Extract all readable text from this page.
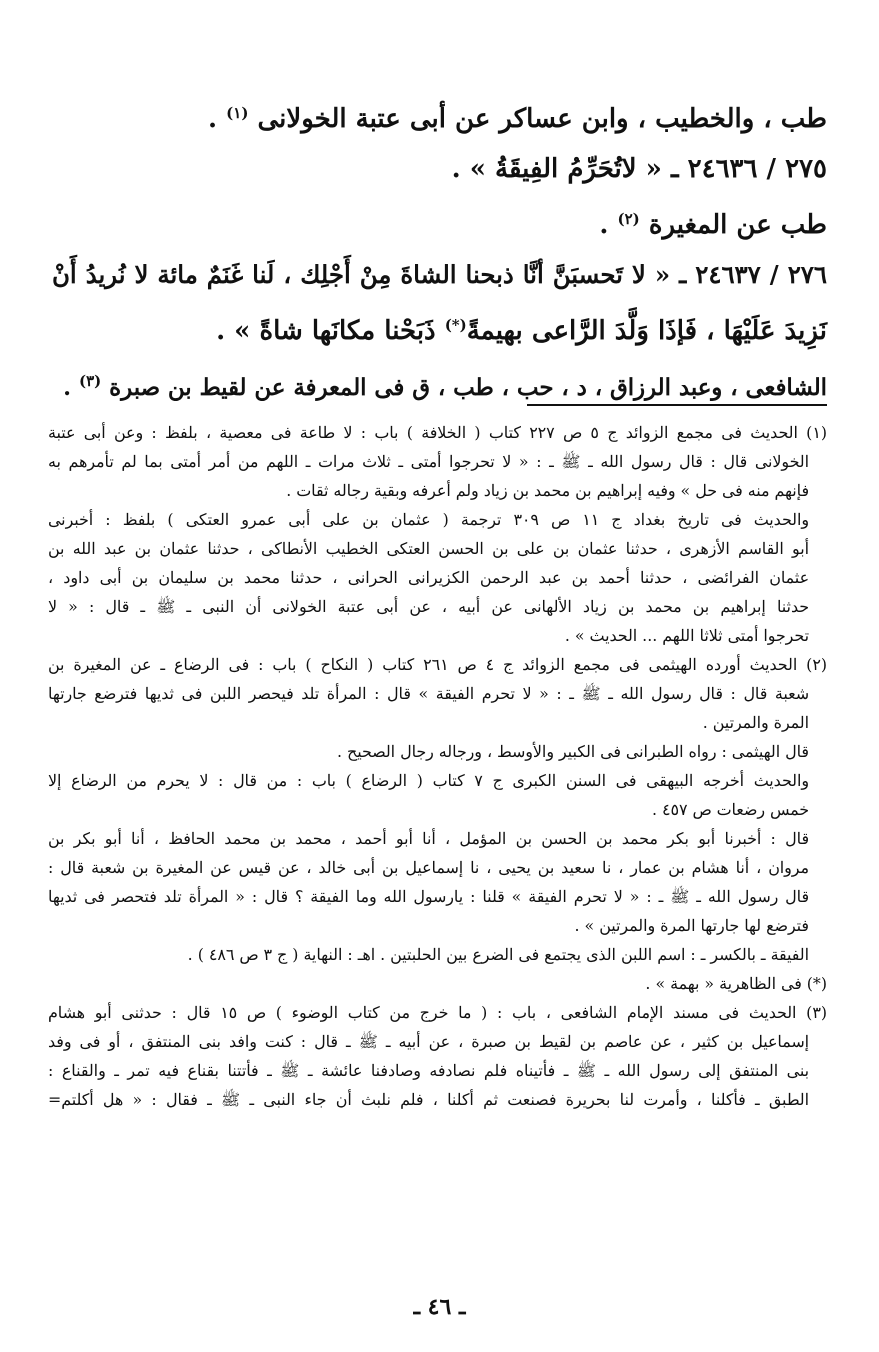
طب ، والخطيب ، وابن عساكر عن أبى عتبة الخولانى $^{(١)}$ .

٢٧٥ / ٢٤٦٣٦ ـ « لاتُحَرِّمُ الفِيقَةُ » .

طب عن المغيرة $^{(٢)}$ .

٢٧٦ / ٢٤٦٣٧ ـ « لا تَحسبَنَّ أنَّا ذبحنا الشاةَ مِنْ أَجْلِك ، لَنا غَنَمٌ مائة لا نُريدُ أَنْ

نَزِيدَ عَلَيْهَا ، فَإذَا وَلَّدَ الرَّاعى بهيمةً(*) ذَبَحْنا مكانَها شاةً » .

الشافعى ، وعبد الرزاق ، د ، حب ، طب ، ق فى المعرفة عن لقيط بن صبرة $^{(٣)}$ .

(١) الحديث فى مجمع الزوائد ج ٥ ص ٢٢٧ كتاب ( الخلافة ) باب : لا طاعة فى معصية ، بلفظ : وعن أبى عتبة

الخولانى قال : قال رسول الله ـ ﷺ ـ : « لا تحرجوا أمتى ـ ثلاث مرات ـ اللهم من أمر أمتى بما لم تأمرهم به

فإنهم منه فى حل » وفيه إبراهيم بن محمد بن زياد ولم أعرفه وبقية رجاله ثقات .

والحديث فى تاريخ بغداد ج ١١ ص ٣٠٩ ترجمة ( عثمان بن على أبى عمرو العتكى ) بلفظ : أخبرنى

أبو القاسم الأزهرى ، حدثنا عثمان بن على بن الحسن العتكى الخطيب الأنطاكى ، حدثنا عثمان بن عبد الله بن

عثمان الفرائضى ، حدثنا أحمد بن عبد الرحمن الكزيرانى الحرانى ، حدثنا محمد بن سليمان بن أبى داود ،

حدثنا إبراهيم بن محمد بن زياد الألهانى عن أبيه ، عن أبى عتبة الخولانى أن النبى ـ ﷺ ـ قال : « لا

تحرجوا أمتى ثلاثا اللهم ... الحديث » .

(٢) الحديث أورده الهيثمى فى مجمع الزوائد ج ٤ ص ٢٦١ كتاب ( النكاح ) باب : فى الرضاع ـ عن المغيرة بن

شعبة قال : قال رسول الله ـ ﷺ ـ : « لا تحرم الفيقة » قال : المرأة تلد فيحصر اللبن فى ثديها فترضع جارتها

المرة والمرتين .

قال الهيثمى : رواه الطبرانى فى الكبير والأوسط ، ورجاله رجال الصحيح .

والحديث أخرجه البيهقى فى السنن الكبرى ج ٧ كتاب ( الرضاع ) باب : من قال : لا يحرم من الرضاع إلا

خمس رضعات ص ٤٥٧ .

قال : أخبرنا أبو بكر محمد بن الحسن بن المؤمل ، أنا أبو أحمد ، محمد بن محمد الحافظ ، أنا أبو بكر بن

مروان ، أنا هشام بن عمار ، نا سعيد بن يحيى ، نا إسماعيل بن أبى خالد ، عن قيس عن المغيرة بن شعبة قال :

قال رسول الله ـ ﷺ ـ : « لا تحرم الفيقة » قلنا : يارسول الله وما الفيقة ؟ قال : « المرأة تلد فتحصر فى ثديها

فترضع لها جارتها المرة والمرتين » .

الفيقة ـ بالكسر ـ : اسم اللبن الذى يجتمع فى الضرع بين الحلبتين . اهـ : النهاية ( ج ٣ ص ٤٨٦ ) .

(*) فى الظاهرية « بهمة » .

(٣) الحديث فى مسند الإمام الشافعى ، باب : ( ما خرج من كتاب الوضوء ) ص ١٥ قال : حدثنى أبو هشام

إسماعيل بن كثير ، عن عاصم بن لقيط بن صبرة ، عن أبيه ـ ﷺ ـ قال : كنت وافد بنى المنتفق ، أو فى وفد

بنى المنتفق إلى رسول الله ـ ﷺ ـ فأتيناه فلم نصادفه وصادفنا عائشة ـ ﷺ ـ فأتتنا بقناع فيه تمر ـ والقناع :

الطبق ـ فأكلنا ، وأمرت لنا بحريرة فصنعت ثم أكلنا ، فلم نلبث أن جاء النبى ـ ﷺ ـ فقال : « هل أكلتم=

ـ ٤٦ ـ
